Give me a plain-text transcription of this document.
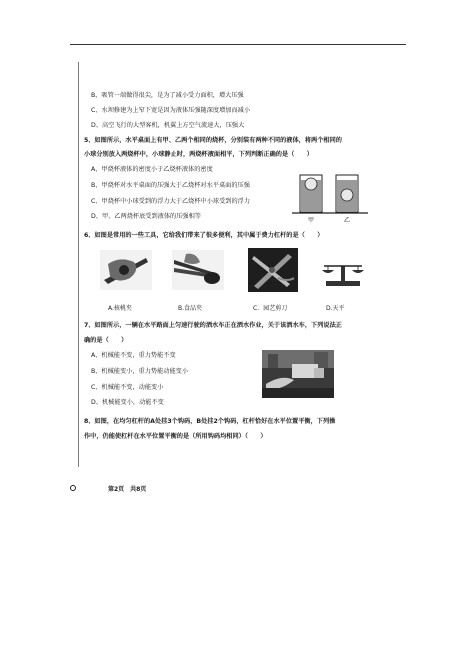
B、吸管一端做得很尖，是为了减小受力面积，增大压强
C、水坝修建为上窄下宽是因为液体压强随深度增加而减小
D、高空飞行的大型客机，机翼上方空气流速大，压强大
5、如图所示，水平桌面上有甲、乙两个相同的烧杯，分别装有两种不同的液体，将两个相同的
小球分别放入两烧杯中，小球静止时，两烧杯液面相平，下列判断正确的是（　　）
A、甲烧杯液体的密度小于乙烧杯液体的密度
B、甲烧杯对水平桌面的压强大于乙烧杯对水平桌面的压强
C、甲烧杯中小球受到的浮力大于乙烧杯中小球受到的浮力
D、甲、乙两烧杯底受到液体的压强相等
甲	乙
6、如图是常用的一些工具，它给我们带来了很多便利，其中属于费力杠杆的是（　　）
A.核桃夹	B.食品夹	C．园艺剪刀	D.天平
7、如图所示，一辆在水平路面上匀速行驶的洒水车正在洒水作业，关于该洒水车，下列说法正
确的是（　　）
A、机械能不变，重力势能不变
B、机械能变小，重力势能动能变小
C、机械能不变，动能变小
D、机械能变小，动能不变
8、如图，在均匀杠杆的A处挂3个钩码，B处挂2个钩码，杠杆恰好在水平位置平衡，下列操
作中，仍能使杠杆在水平位置平衡的是（所用钩码均相同）（　　）
第2页　共8页
